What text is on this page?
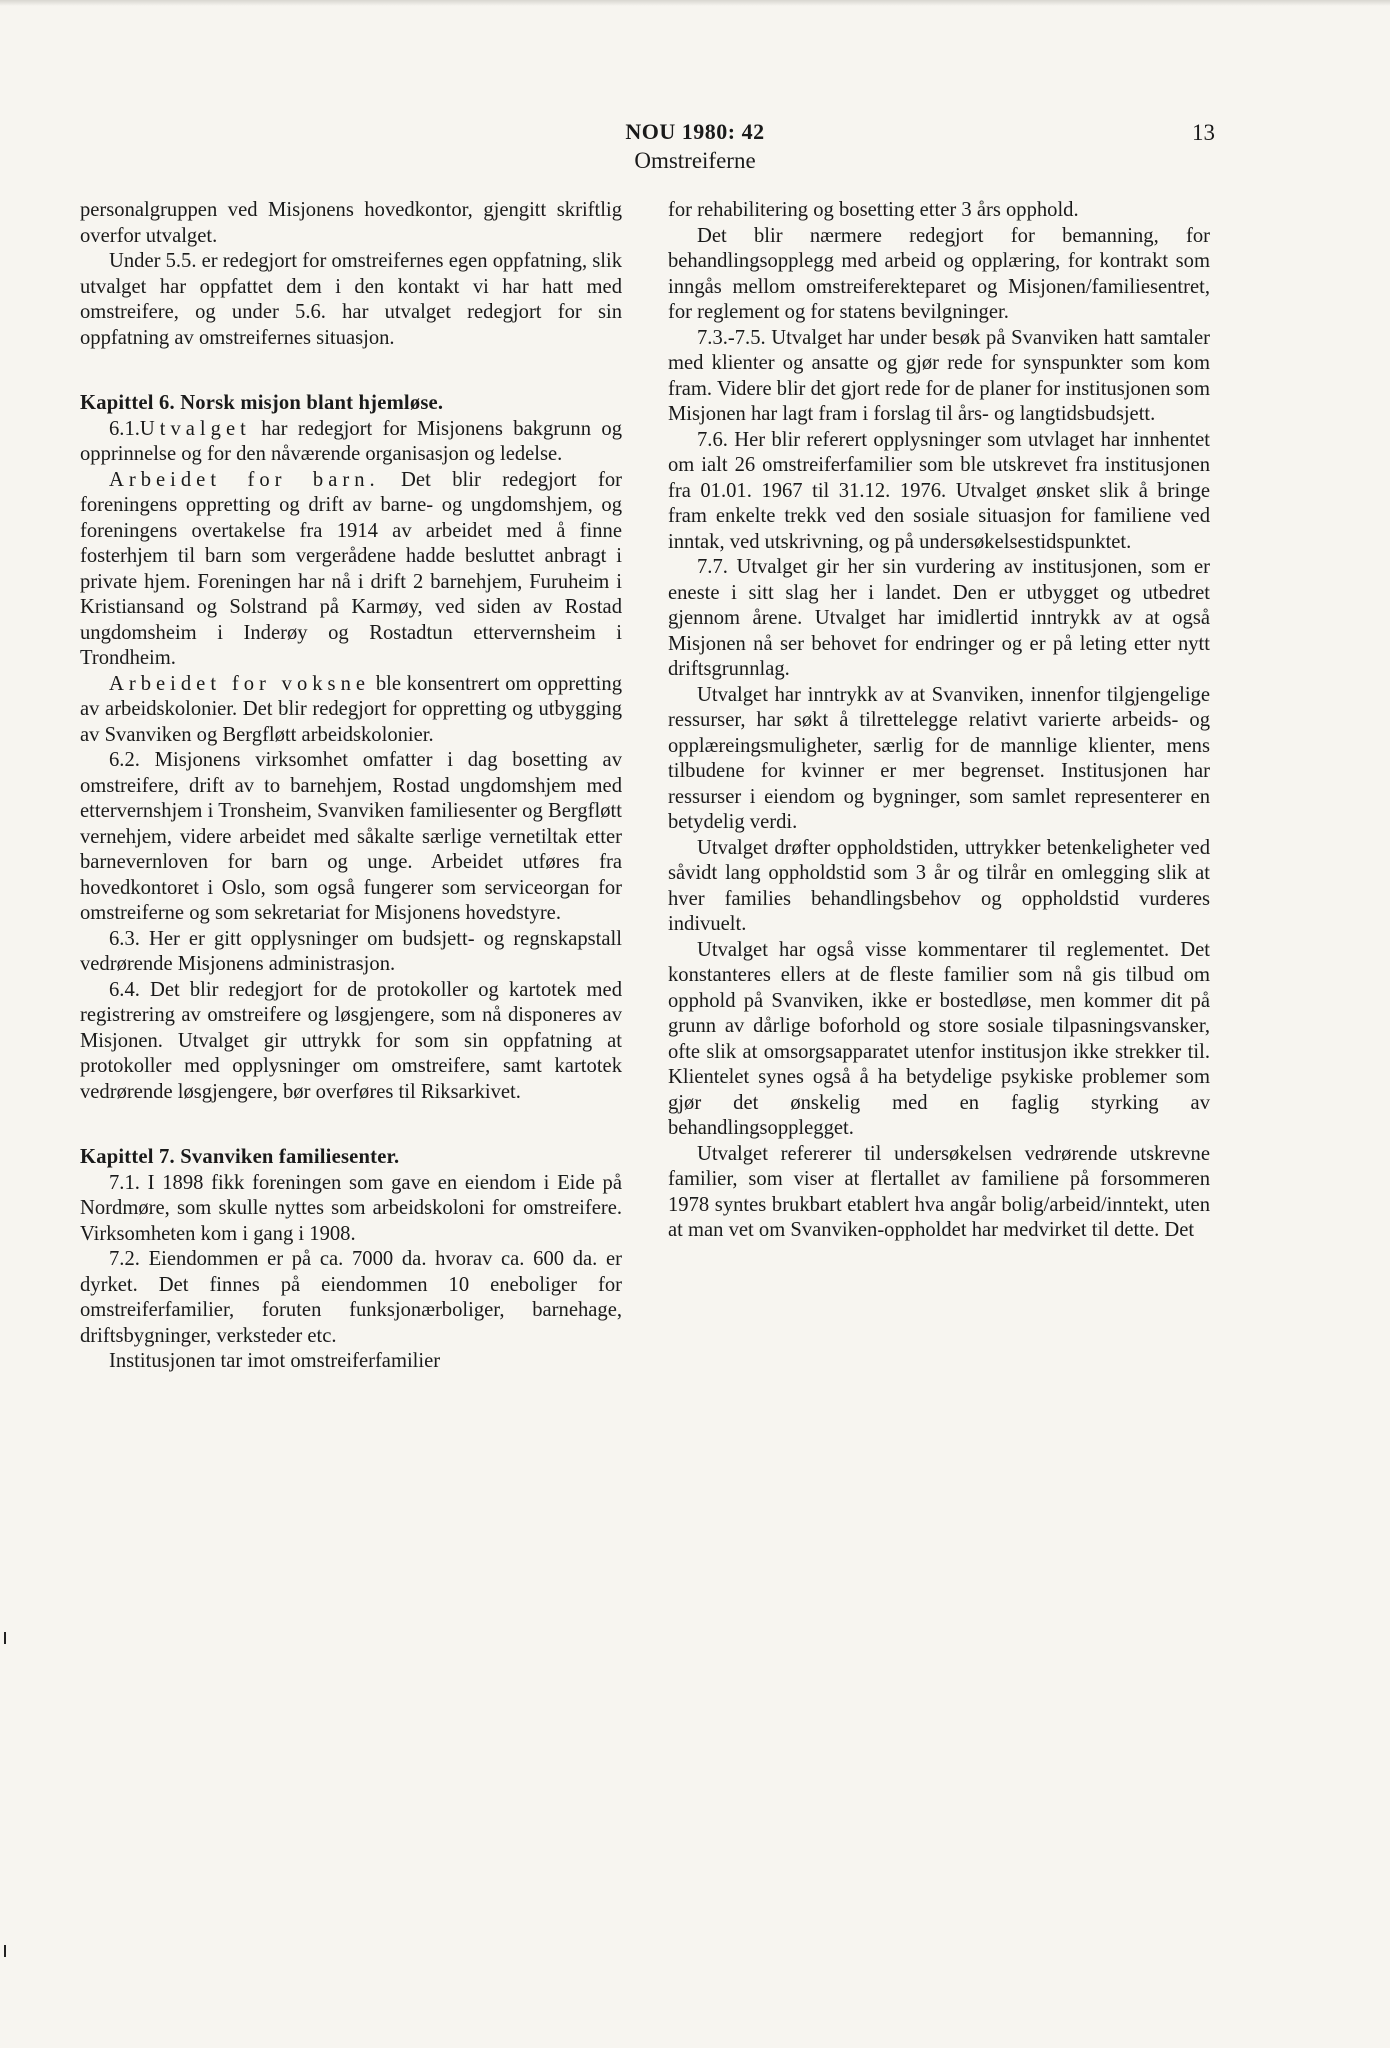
NOU 1980: 42
Omstreiferne
13

personalgruppen ved Misjonens hovedkontor, gjengitt skriftlig overfor utvalget.

Under 5.5. er redegjort for omstreifernes egen oppfatning, slik utvalget har oppfattet dem i den kontakt vi har hatt med omstreifere, og under 5.6. har utvalget redegjort for sin oppfatning av omstreifernes situasjon.

Kapittel 6. Norsk misjon blant hjemløse.

6.1.Utvalget har redegjort for Misjonens bakgrunn og opprinnelse og for den nåværende organisasjon og ledelse.

Arbeidet for barn. Det blir redegjort for foreningens oppretting og drift av barne- og ungdomshjem, og foreningens overtakelse fra 1914 av arbeidet med å finne fosterhjem til barn som vergerådene hadde besluttet anbragt i private hjem. Foreningen har nå i drift 2 barnehjem, Furuheim i Kristiansand og Solstrand på Karmøy, ved siden av Rostad ungdomsheim i Inderøy og Rostadtun ettervernsheim i Trondheim.

Arbeidet for voksne ble konsentrert om oppretting av arbeidskolonier. Det blir redegjort for oppretting og utbygging av Svanviken og Bergfløtt arbeidskolonier.

6.2. Misjonens virksomhet omfatter i dag bosetting av omstreifere, drift av to barnehjem, Rostad ungdomshjem med ettervernshjem i Tronsheim, Svanviken familiesenter og Bergfløtt vernehjem, videre arbeidet med såkalte særlige vernetiltak etter barnevernloven for barn og unge. Arbeidet utføres fra hovedkontoret i Oslo, som også fungerer som serviceorgan for omstreiferne og som sekretariat for Misjonens hovedstyre.

6.3. Her er gitt opplysninger om budsjett- og regnskapstall vedrørende Misjonens administrasjon.

6.4. Det blir redegjort for de protokoller og kartotek med registrering av omstreifere og løsgjengere, som nå disponeres av Misjonen. Utvalget gir uttrykk for som sin oppfatning at protokoller med opplysninger om omstreifere, samt kartotek vedrørende løsgjengere, bør overføres til Riksarkivet.

Kapittel 7. Svanviken familiesenter.

7.1. I 1898 fikk foreningen som gave en eiendom i Eide på Nordmøre, som skulle nyttes som arbeidskoloni for omstreifere. Virksomheten kom i gang i 1908.

7.2. Eiendommen er på ca. 7000 da. hvorav ca. 600 da. er dyrket. Det finnes på eiendommen 10 eneboliger for omstreiferfamilier, foruten funksjonærboliger, barnehage, driftsbygninger, verksteder etc.

Institusjonen tar imot omstreiferfamilier

for rehabilitering og bosetting etter 3 års opphold.

Det blir nærmere redegjort for bemanning, for behandlingsopplegg med arbeid og opplæring, for kontrakt som inngås mellom omstreiferekteparet og Misjonen/familiesentret, for reglement og for statens bevilgninger.

7.3.-7.5. Utvalget har under besøk på Svanviken hatt samtaler med klienter og ansatte og gjør rede for synspunkter som kom fram. Videre blir det gjort rede for de planer for institusjonen som Misjonen har lagt fram i forslag til års- og langtidsbudsjett.

7.6. Her blir referert opplysninger som utvlaget har innhentet om ialt 26 omstreiferfamilier som ble utskrevet fra institusjonen fra 01.01. 1967 til 31.12. 1976. Utvalget ønsket slik å bringe fram enkelte trekk ved den sosiale situasjon for familiene ved inntak, ved utskrivning, og på undersøkelsestidspunktet.

7.7. Utvalget gir her sin vurdering av institusjonen, som er eneste i sitt slag her i landet. Den er utbygget og utbedret gjennom årene. Utvalget har imidlertid inntrykk av at også Misjonen nå ser behovet for endringer og er på leting etter nytt driftsgrunnlag.

Utvalget har inntrykk av at Svanviken, innenfor tilgjengelige ressurser, har søkt å tilrettelegge relativt varierte arbeids- og opplæreingsmuligheter, særlig for de mannlige klienter, mens tilbudene for kvinner er mer begrenset. Institusjonen har ressurser i eiendom og bygninger, som samlet representerer en betydelig verdi.

Utvalget drøfter oppholdstiden, uttrykker betenkeligheter ved såvidt lang oppholdstid som 3 år og tilrår en omlegging slik at hver families behandlingsbehov og oppholdstid vurderes indivuelt.

Utvalget har også visse kommentarer til reglementet. Det konstanteres ellers at de fleste familier som nå gis tilbud om opphold på Svanviken, ikke er bostedløse, men kommer dit på grunn av dårlige boforhold og store sosiale tilpasningsvansker, ofte slik at omsorgsapparatet utenfor institusjon ikke strekker til. Klientelet synes også å ha betydelige psykiske problemer som gjør det ønskelig med en faglig styrking av behandlingsopplegget.

Utvalget refererer til undersøkelsen vedrørende utskrevne familier, som viser at flertallet av familiene på forsommeren 1978 syntes brukbart etablert hva angår bolig/arbeid/inntekt, uten at man vet om Svanviken-oppholdet har medvirket til dette. Det
